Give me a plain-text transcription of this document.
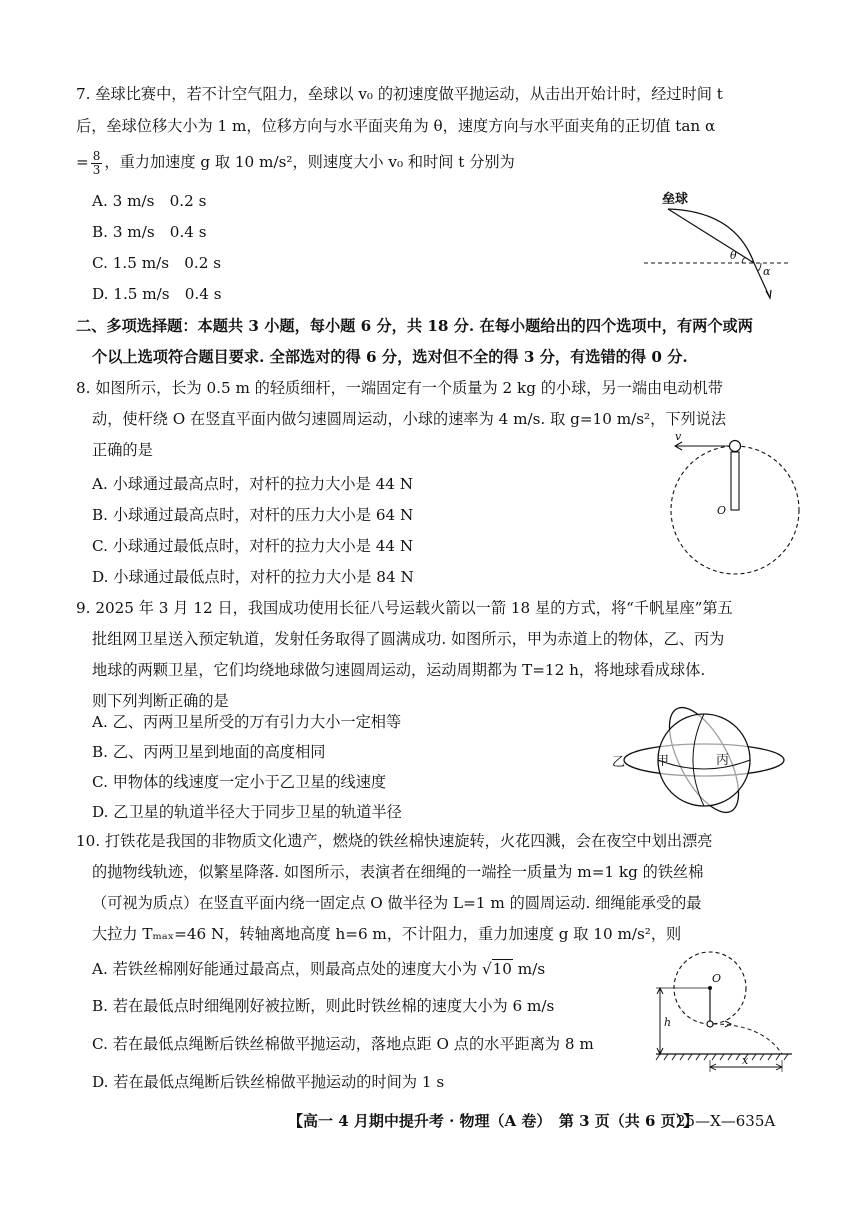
7. 垒球比赛中，若不计空气阻力，垒球以 v₀ 的初速度做平抛运动，从击出开始计时，经过时间 t
后，垒球位移大小为 1 m，位移方向与水平面夹角为 θ，速度方向与水平面夹角的正切值 tan α
= $\frac{8}{3}$ ，重力加速度 g 取 10 m/s²，则速度大小 v₀ 和时间 t 分别为
A. 3 m/s　0.2 s
B. 3 m/s　0.4 s
C. 1.5 m/s　0.2 s
D. 1.5 m/s　0.4 s
垒球
θ
α
二、多项选择题：本题共 3 小题，每小题 6 分，共 18 分. 在每小题给出的四个选项中，有两个或两
个以上选项符合题目要求. 全部选对的得 6 分，选对但不全的得 3 分，有选错的得 0 分.
8. 如图所示，长为 0.5 m 的轻质细杆，一端固定有一个质量为 2 kg 的小球，另一端由电动机带
动，使杆绕 O 在竖直平面内做匀速圆周运动，小球的速率为 4 m/s. 取 g=10 m/s²，下列说法
正确的是
A. 小球通过最高点时，对杆的拉力大小是 44 N
B. 小球通过最高点时，对杆的压力大小是 64 N
C. 小球通过最低点时，对杆的拉力大小是 44 N
D. 小球通过最低点时，对杆的拉力大小是 84 N
v
O
9. 2025 年 3 月 12 日，我国成功使用长征八号运载火箭以一箭 18 星的方式，将“千帆星座”第五
批组网卫星送入预定轨道，发射任务取得了圆满成功. 如图所示，甲为赤道上的物体，乙、丙为
地球的两颗卫星，它们均绕地球做匀速圆周运动，运动周期都为 T=12 h，将地球看成球体.
则下列判断正确的是
A. 乙、丙两卫星所受的万有引力大小一定相等
B. 乙、丙两卫星到地面的高度相同
C. 甲物体的线速度一定小于乙卫星的线速度
D. 乙卫星的轨道半径大于同步卫星的轨道半径
乙 甲	丙
10. 打铁花是我国的非物质文化遗产，燃烧的铁丝棉快速旋转，火花四溅，会在夜空中划出漂亮
的抛物线轨迹，似繁星降落. 如图所示，表演者在细绳的一端拴一质量为 m=1 kg 的铁丝棉
（可视为质点）在竖直平面内绕一固定点 O 做半径为 L=1 m 的圆周运动. 细绳能承受的最
大拉力 Tₘₐₓ=46 N，转轴离地高度 h=6 m，不计阻力，重力加速度 g 取 10 m/s²，则
A. 若铁丝棉刚好能通过最高点，则最高点处的速度大小为 √10 m/s
B. 若在最低点时细绳刚好被拉断，则此时铁丝棉的速度大小为 6 m/s
C. 若在最低点绳断后铁丝棉做平抛运动，落地点距 O 点的水平距离为 8 m
D. 若在最低点绳断后铁丝棉做平抛运动的时间为 1 s
O
h
x
【高一 4 月期中提升考 · 物理（A 卷）　第 3 页（共 6 页）】
25—X—635A
